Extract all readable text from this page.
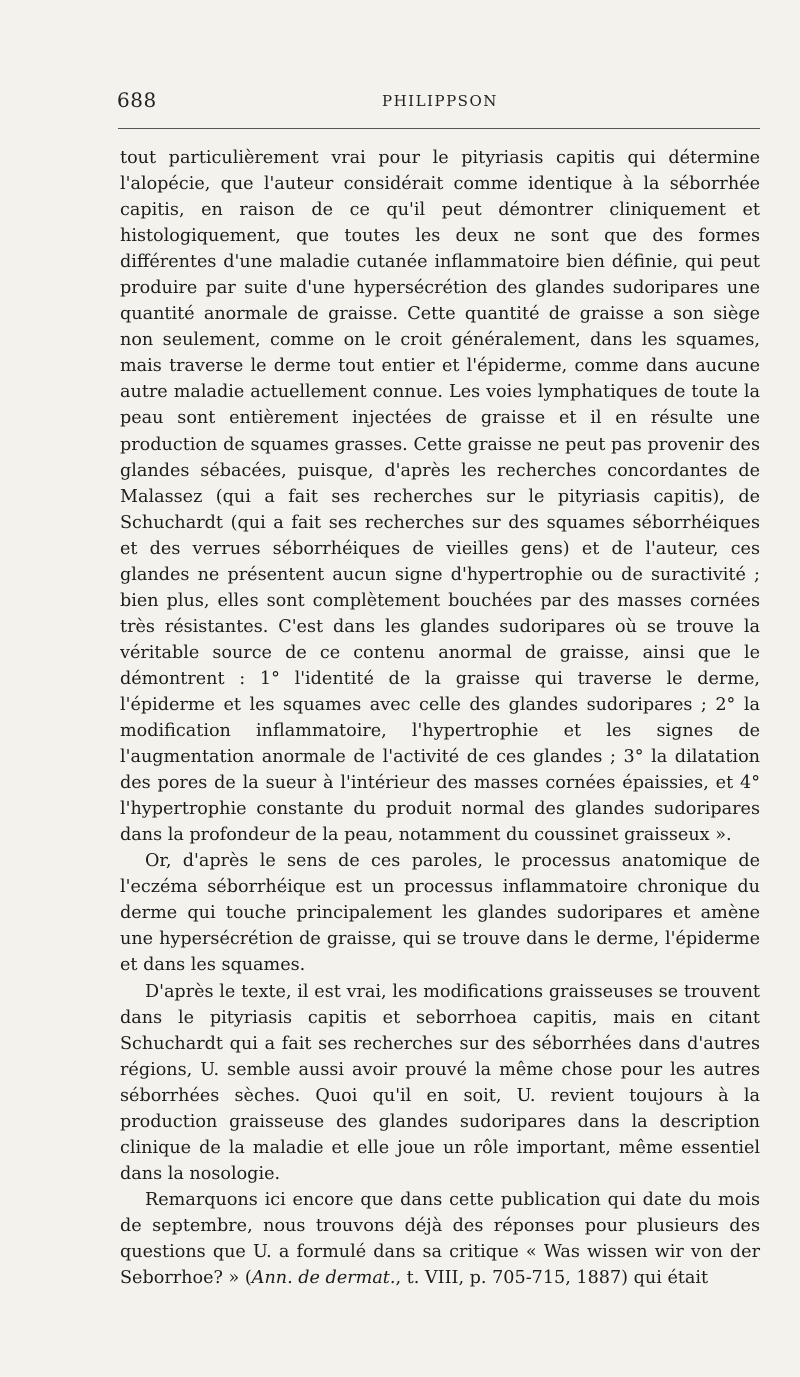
688	PHILIPPSON

tout particulièrement vrai pour le pityriasis capitis qui détermine l'alopécie, que l'auteur considérait comme identique à la séborrhée capitis, en raison de ce qu'il peut démontrer cliniquement et histologiquement, que toutes les deux ne sont que des formes différentes d'une maladie cutanée inflammatoire bien définie, qui peut produire par suite d'une hypersécrétion des glandes sudoripares une quantité anormale de graisse. Cette quantité de graisse a son siège non seulement, comme on le croit généralement, dans les squames, mais traverse le derme tout entier et l'épiderme, comme dans aucune autre maladie actuellement connue. Les voies lymphatiques de toute la peau sont entièrement injectées de graisse et il en résulte une production de squames grasses. Cette graisse ne peut pas provenir des glandes sébacées, puisque, d'après les recherches concordantes de Malassez (qui a fait ses recherches sur le pityriasis capitis), de Schuchardt (qui a fait ses recherches sur des squames séborrhéiques et des verrues séborrhéiques de vieilles gens) et de l'auteur, ces glandes ne présentent aucun signe d'hypertrophie ou de suractivité ; bien plus, elles sont complètement bouchées par des masses cornées très résistantes. C'est dans les glandes sudoripares où se trouve la véritable source de ce contenu anormal de graisse, ainsi que le démontrent : 1° l'identité de la graisse qui traverse le derme, l'épiderme et les squames avec celle des glandes sudoripares ; 2° la modification inflammatoire, l'hypertrophie et les signes de l'augmentation anormale de l'activité de ces glandes ; 3° la dilatation des pores de la sueur à l'intérieur des masses cornées épaissies, et 4° l'hypertrophie constante du produit normal des glandes sudoripares dans la profondeur de la peau, notamment du coussinet graisseux ».

Or, d'après le sens de ces paroles, le processus anatomique de l'eczéma séborrhéique est un processus inflammatoire chronique du derme qui touche principalement les glandes sudoripares et amène une hypersécrétion de graisse, qui se trouve dans le derme, l'épiderme et dans les squames.

D'après le texte, il est vrai, les modifications graisseuses se trouvent dans le pityriasis capitis et seborrhoea capitis, mais en citant Schuchardt qui a fait ses recherches sur des séborrhées dans d'autres régions, U. semble aussi avoir prouvé la même chose pour les autres séborrhées sèches. Quoi qu'il en soit, U. revient toujours à la production graisseuse des glandes sudoripares dans la description clinique de la maladie et elle joue un rôle important, même essentiel dans la nosologie.

Remarquons ici encore que dans cette publication qui date du mois de septembre, nous trouvons déjà des réponses pour plusieurs des questions que U. a formulé dans sa critique « Was wissen wir von der Seborrhoe? » (Ann. de dermat., t. VIII, p. 705-715, 1887) qui était
